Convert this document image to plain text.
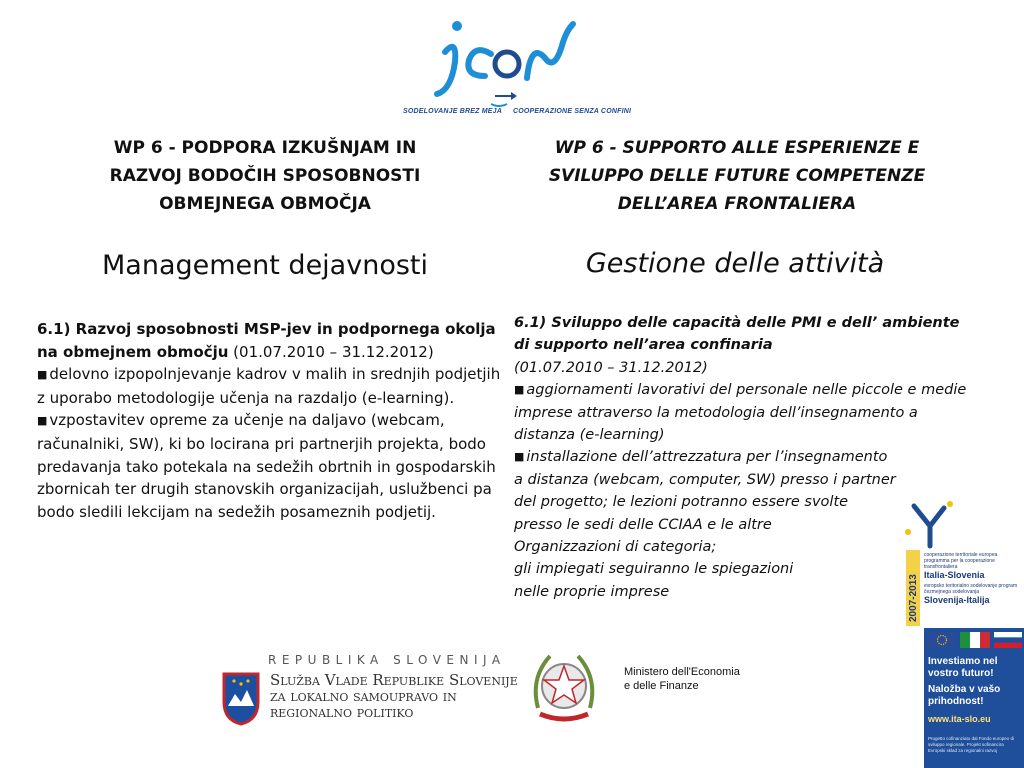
SODELOVANJE BREZ MEJA COOPERAZIONE SENZA CONFINI
WP 6 - PODPORA IZKUŠNJAM IN
RAZVOJ BODOČIH SPOSOBNOSTI
OBMEJNEGA OBMOČJA
Management dejavnosti
6.1) Razvoj sposobnosti MSP-jev in podpornega okolja na obmejnem območju (01.07.2010 – 31.12.2012)
■ delovno izpopolnjevanje kadrov v malih in srednjih podjetjih z uporabo metodologije učenja na razdaljo (e-learning).
■ vzpostavitev opreme za učenje na daljavo (webcam, računalniki, SW), ki bo locirana pri partnerjih projekta, bodo predavanja tako potekala na sedežih obrtnih in gospodarskih zbornicah ter drugih stanovskih organizacijah, uslužbenci pa bodo sledili lekcijam na sedežih posameznih podjetij.
WP 6 - SUPPORTO ALLE ESPERIENZE E
SVILUPPO DELLE FUTURE COMPETENZE
DELL’AREA FRONTALIERA
Gestione delle attività
6.1) Sviluppo delle capacità delle PMI e dell’ ambiente di supporto nell’area confinaria
(01.07.2010 – 31.12.2012)
■ aggiornamenti lavorativi del personale nelle piccole e medie imprese attraverso la metodologia dell’insegnamento a distanza (e-learning)
■ installazione dell’attrezzatura per l’insegnamento
a distanza (webcam, computer, SW) presso i partner
del progetto; le lezioni potranno essere svolte
presso le sedi delle CCIAA e le altre
Organizzazioni di categoria;
gli impiegati seguiranno le spiegazioni
nelle proprie imprese	2007-2013
cooperazione territoriale europea programma per la cooperazione transfrontaliera
Italia-Slovenia
evropsko teritorialno sodelovanje program čezmejnega sodelovanja
Slovenija-Italija
REPUBLIKA SLOVENIJA
Služba Vlade Republike Slovenije
za lokalno samoupravo in
regionalno politiko
Ministero dell'Economia
e delle Finanze
Investiamo nel vostro futuro!
Naložba v vašo prihodnost!
www.ita-slo.eu
Progetto cofinanziato dal Fondo europeo di sviluppo regionale. Projekt sofinancira Evropski sklad za regionalni razvoj
